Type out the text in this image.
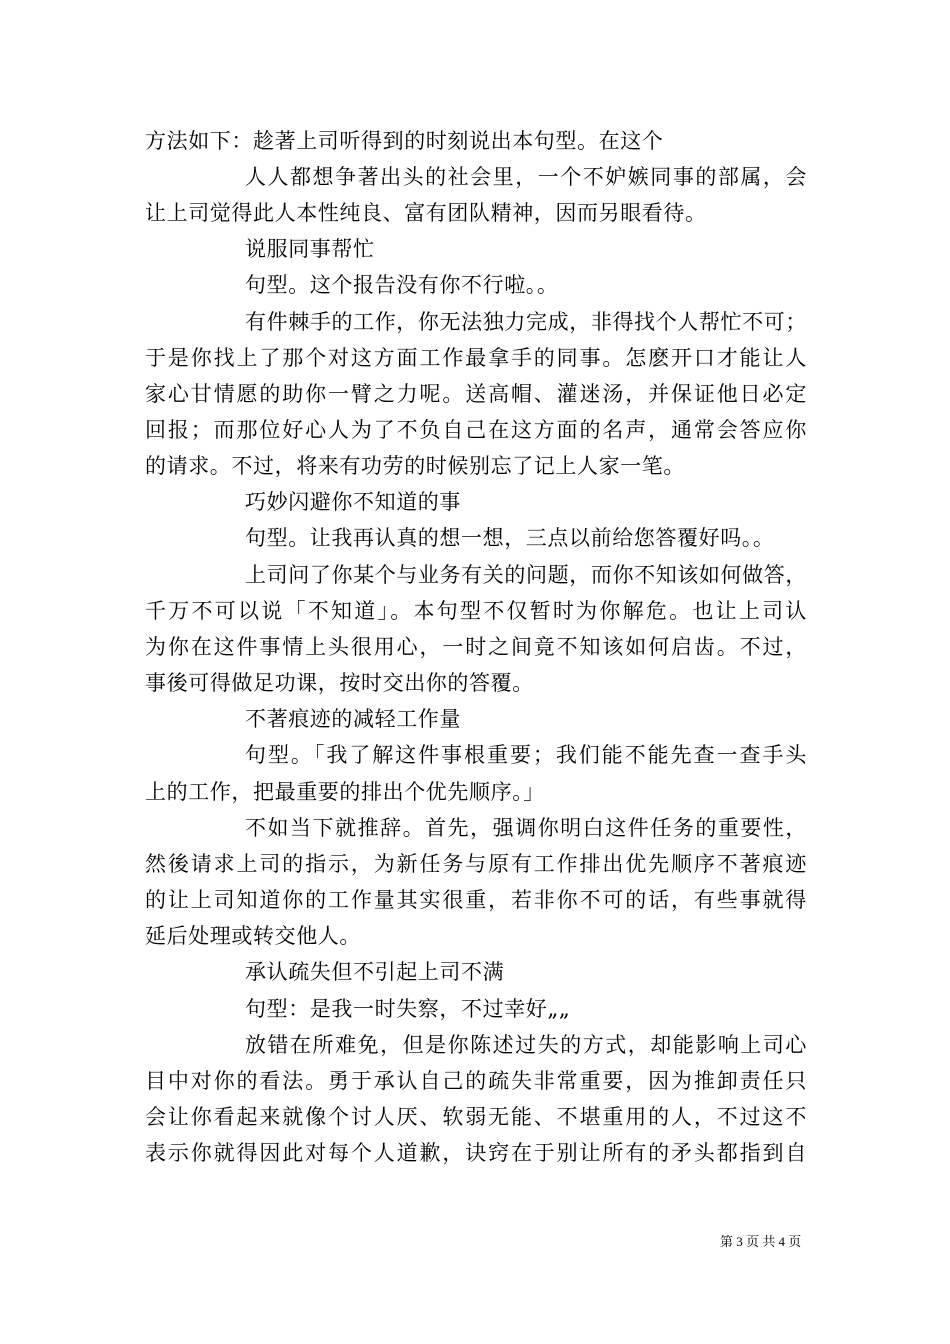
方法如下：趁著上司听得到的时刻说出本句型。在这个
人人都想争著出头的社会里，一个不妒嫉同事的部属，会
让上司觉得此人本性纯良、富有团队精神，因而另眼看待。
说服同事帮忙
句型。这个报告没有你不行啦。。
有件棘手的工作，你无法独力完成，非得找个人帮忙不可；
于是你找上了那个对这方面工作最拿手的同事。怎麽开口才能让人
家心甘情愿的助你一臂之力呢。送高帽、灌迷汤，并保证他日必定
回报；而那位好心人为了不负自己在这方面的名声，通常会答应你
的请求。不过，将来有功劳的时候别忘了记上人家一笔。
巧妙闪避你不知道的事
句型。让我再认真的想一想，三点以前给您答覆好吗。。
上司问了你某个与业务有关的问题，而你不知该如何做答，
千万不可以说「不知道」。本句型不仅暂时为你解危。也让上司认
为你在这件事情上头很用心，一时之间竟不知该如何启齿。不过，
事後可得做足功课，按时交出你的答覆。
不著痕迹的减轻工作量
句型。「我了解这件事根重要；我们能不能先查一查手头
上的工作，把最重要的排出个优先顺序。」
不如当下就推辞。首先，强调你明白这件任务的重要性，
然後请求上司的指示，为新任务与原有工作排出优先顺序不著痕迹
的让上司知道你的工作量其实很重，若非你不可的话，有些事就得
延后处理或转交他人。
承认疏失但不引起上司不满
句型：是我一时失察，不过幸好„„
放错在所难免，但是你陈述过失的方式，却能影响上司心
目中对你的看法。勇于承认自己的疏失非常重要，因为推卸责任只
会让你看起来就像个讨人厌、软弱无能、不堪重用的人，不过这不
表示你就得因此对每个人道歉，诀窍在于别让所有的矛头都指到自
第 3 页 共 4 页
